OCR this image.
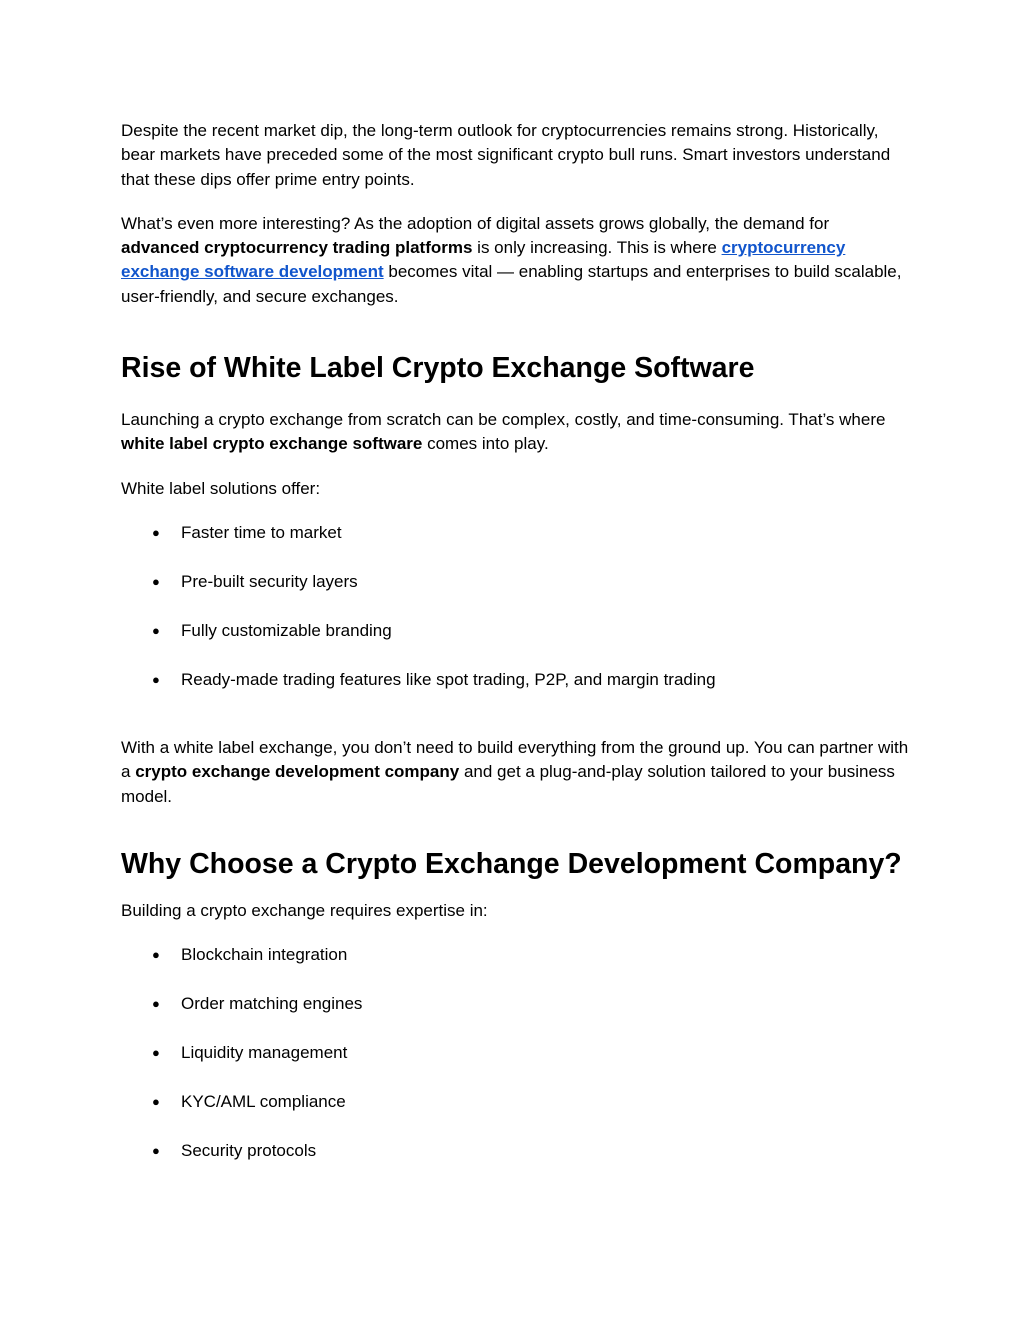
Despite the recent market dip, the long-term outlook for cryptocurrencies remains strong. Historically, bear markets have preceded some of the most significant crypto bull runs. Smart investors understand that these dips offer prime entry points.

What’s even more interesting? As the adoption of digital assets grows globally, the demand for advanced cryptocurrency trading platforms is only increasing. This is where cryptocurrency exchange software development becomes vital — enabling startups and enterprises to build scalable, user-friendly, and secure exchanges.

Rise of White Label Crypto Exchange Software

Launching a crypto exchange from scratch can be complex, costly, and time-consuming. That’s where white label crypto exchange software comes into play.

White label solutions offer:

● Faster time to market
● Pre-built security layers
● Fully customizable branding
● Ready-made trading features like spot trading, P2P, and margin trading

With a white label exchange, you don’t need to build everything from the ground up. You can partner with a crypto exchange development company and get a plug-and-play solution tailored to your business model.

Why Choose a Crypto Exchange Development Company?

Building a crypto exchange requires expertise in:

● Blockchain integration
● Order matching engines
● Liquidity management
● KYC/AML compliance
● Security protocols
